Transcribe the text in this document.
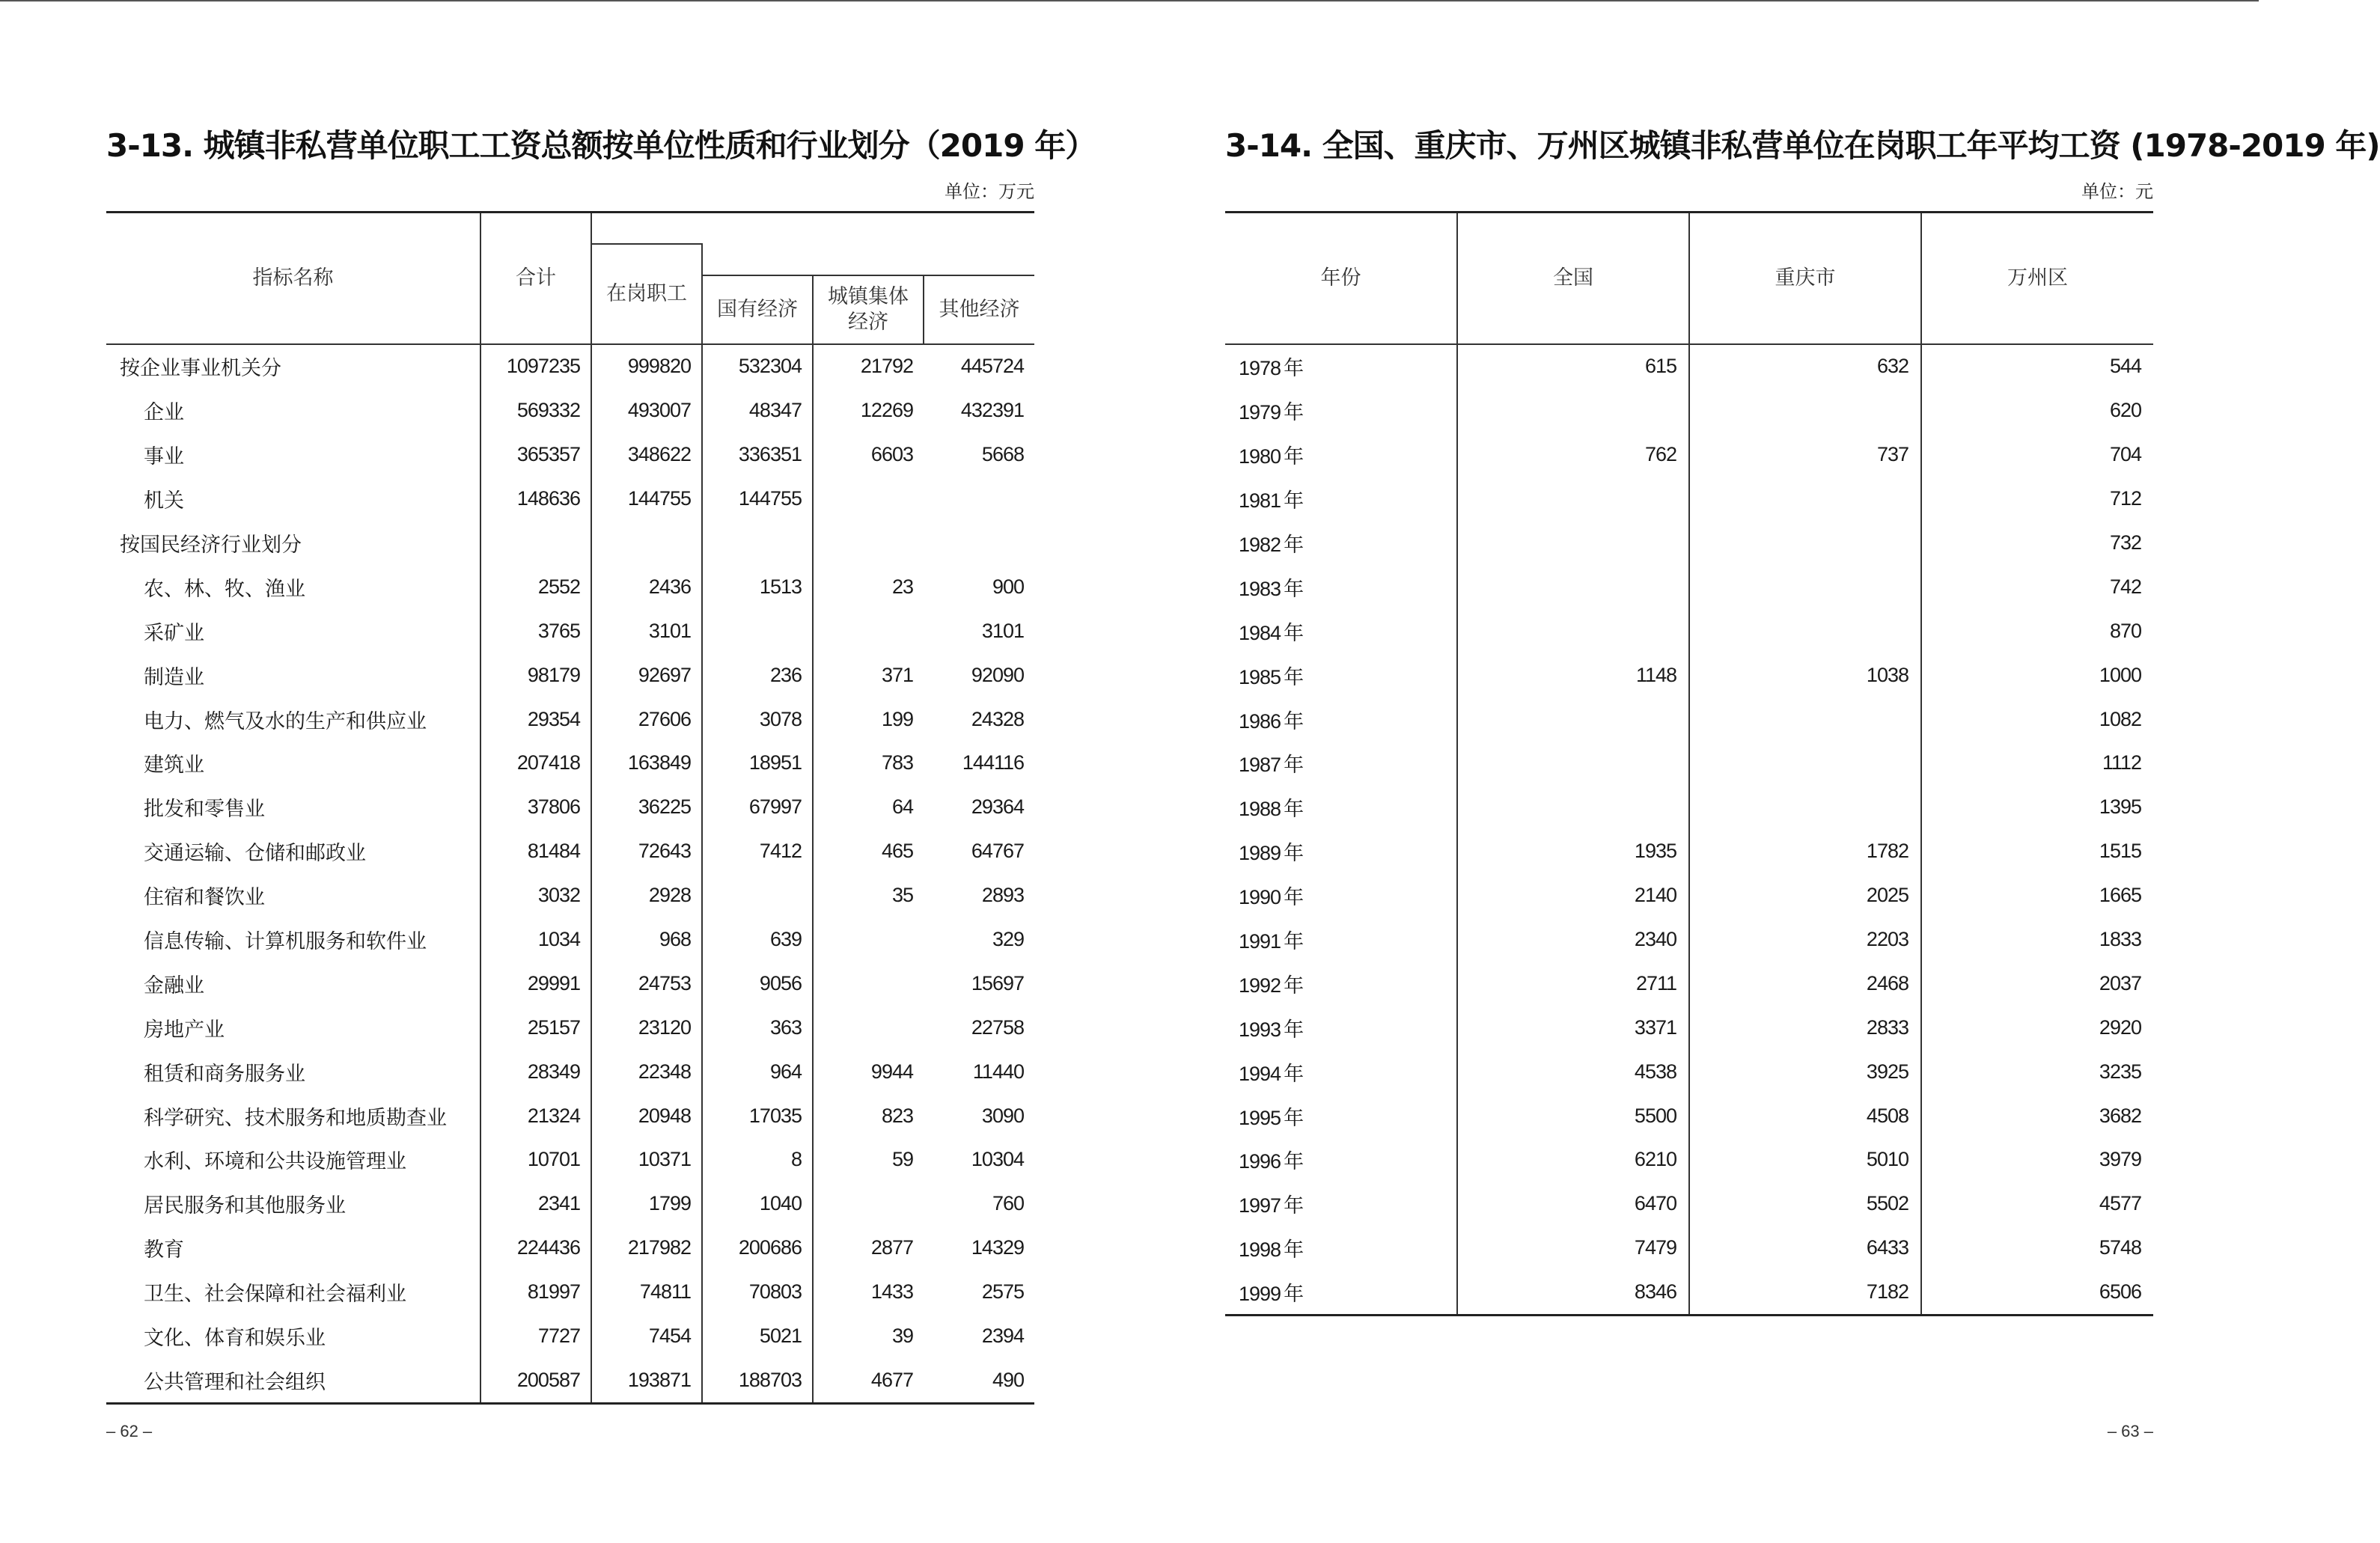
3-13. 城镇非私营单位职工工资总额按单位性质和行业划分（2019 年）
单位：万元
指标名称	合计				
		在岗职工			
			国有经济	城镇集体经济	其他经济
按企业事业机关分	1097235	999820	532304	21792	445724
企业	569332	493007	48347	12269	432391
事业	365357	348622	336351	6603	5668
机关	148636	144755	144755		
按国民经济行业划分					
农、林、牧、渔业	2552	2436	1513	23	900
采矿业	3765	3101			3101
制造业	98179	92697	236	371	92090
电力、燃气及水的生产和供应业	29354	27606	3078	199	24328
建筑业	207418	163849	18951	783	144116
批发和零售业	37806	36225	67997	64	29364
交通运输、仓储和邮政业	81484	72643	7412	465	64767
住宿和餐饮业	3032	2928		35	2893
信息传输、计算机服务和软件业	1034	968	639		329
金融业	29991	24753	9056		15697
房地产业	25157	23120	363		22758
租赁和商务服务业	28349	22348	964	9944	11440
科学研究、技术服务和地质勘查业	21324	20948	17035	823	3090
水利、环境和公共设施管理业	10701	10371	8	59	10304
居民服务和其他服务业	2341	1799	1040		760
教育	224436	217982	200686	2877	14329
卫生、社会保障和社会福利业	81997	74811	70803	1433	2575
文化、体育和娱乐业	7727	7454	5021	39	2394
公共管理和社会组织	200587	193871	188703	4677	490
– 62 –
3-14. 全国、重庆市、万州区城镇非私营单位在岗职工年平均工资 (1978-2019 年)
单位：元
年份	全国	重庆市	万州区
1978 年	615	632	544
1979 年			620
1980 年	762	737	704
1981 年			712
1982 年			732
1983 年			742
1984 年			870
1985 年	1148	1038	1000
1986 年			1082
1987 年			1112
1988 年			1395
1989 年	1935	1782	1515
1990 年	2140	2025	1665
1991 年	2340	2203	1833
1992 年	2711	2468	2037
1993 年	3371	2833	2920
1994 年	4538	3925	3235
1995 年	5500	4508	3682
1996 年	6210	5010	3979
1997 年	6470	5502	4577
1998 年	7479	6433	5748
1999 年	8346	7182	6506
– 63 –
